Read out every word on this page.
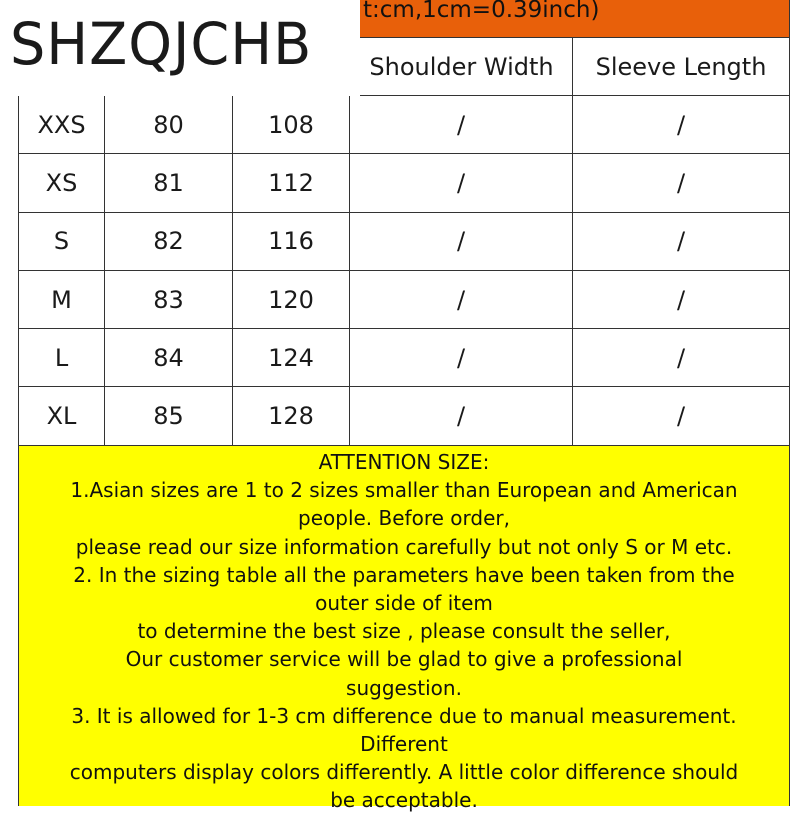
t:cm,1cm=0.39inch)
Shoulder Width	Sleeve Length
SHZQJCHB
XXS	80	108	/	/
XS	81	112	/	/
S	82	116	/	/
M	83	120	/	/
L	84	124	/	/
XL	85	128	/	/
ATTENTION SIZE:
1.Asian sizes are 1 to 2 sizes smaller than European and American
people. Before order,
please read our size information carefully but not only S or M etc.
2. In the sizing table all the parameters have been taken from the
outer side of item
to determine the best size , please consult the seller,
Our customer service will be glad to give a professional
suggestion.
3. It is allowed for 1-3 cm difference due to manual measurement.
Different
computers display colors differently. A little color difference should
be acceptable.
